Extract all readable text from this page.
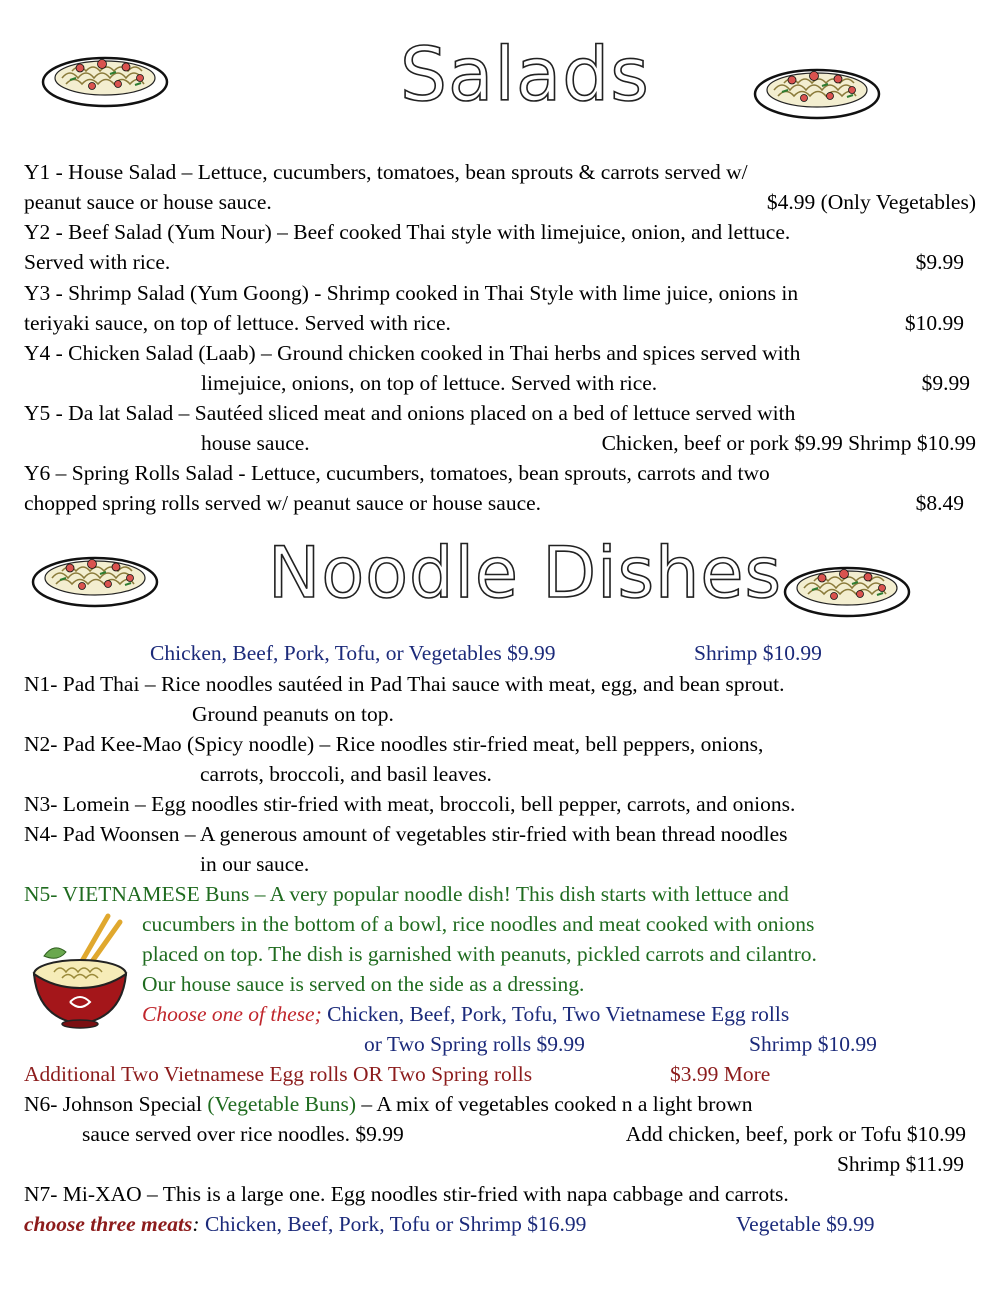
Salads
Y1 - House Salad – Lettuce, cucumbers, tomatoes, bean sprouts & carrots served w/
peanut sauce or house sauce.	$4.99 (Only Vegetables)
Y2 - Beef Salad (Yum Nour) – Beef cooked Thai style with limejuice, onion, and lettuce.
Served with rice.	$9.99
Y3 - Shrimp Salad (Yum Goong) - Shrimp cooked in Thai Style with lime juice, onions in
teriyaki sauce, on top of lettuce. Served with rice.	$10.99
Y4 - Chicken Salad (Laab) – Ground chicken cooked in Thai herbs and spices served with
limejuice, onions, on top of lettuce. Served with rice.	$9.99
Y5 - Da lat Salad – Sautéed sliced meat and onions placed on a bed of lettuce served with
house sauce.	Chicken, beef or pork $9.99 Shrimp $10.99
Y6 – Spring Rolls Salad - Lettuce, cucumbers, tomatoes, bean sprouts, carrots and two
chopped spring rolls served w/ peanut sauce or house sauce.	$8.49
Noodle Dishes
Chicken, Beef, Pork, Tofu, or Vegetables $9.99	Shrimp $10.99
N1- Pad Thai – Rice noodles sautéed in Pad Thai sauce with meat, egg, and bean sprout.
Ground peanuts on top.
N2- Pad Kee-Mao (Spicy noodle) – Rice noodles stir-fried meat, bell peppers, onions,
carrots, broccoli, and basil leaves.
N3- Lomein – Egg noodles stir-fried with meat, broccoli, bell pepper, carrots, and onions.
N4- Pad Woonsen – A generous amount of vegetables stir-fried with bean thread noodles
in our sauce.
N5- VIETNAMESE Buns – A very popular noodle dish! This dish starts with lettuce and
cucumbers in the bottom of a bowl, rice noodles and meat cooked with onions
placed on top. The dish is garnished with peanuts, pickled carrots and cilantro.
Our house sauce is served on the side as a dressing.
Choose one of these; Chicken, Beef, Pork, Tofu, Two Vietnamese Egg rolls
or Two Spring rolls $9.99	Shrimp $10.99
Additional Two Vietnamese Egg rolls OR Two Spring rolls	$3.99 More
N6- Johnson Special (Vegetable Buns) – A mix of vegetables cooked n a light brown
sauce served over rice noodles. $9.99	Add chicken, beef, pork or Tofu $10.99
Shrimp $11.99
N7- Mi-XAO – This is a large one. Egg noodles stir-fried with napa cabbage and carrots.
choose three meats: Chicken, Beef, Pork, Tofu or Shrimp $16.99	Vegetable $9.99
